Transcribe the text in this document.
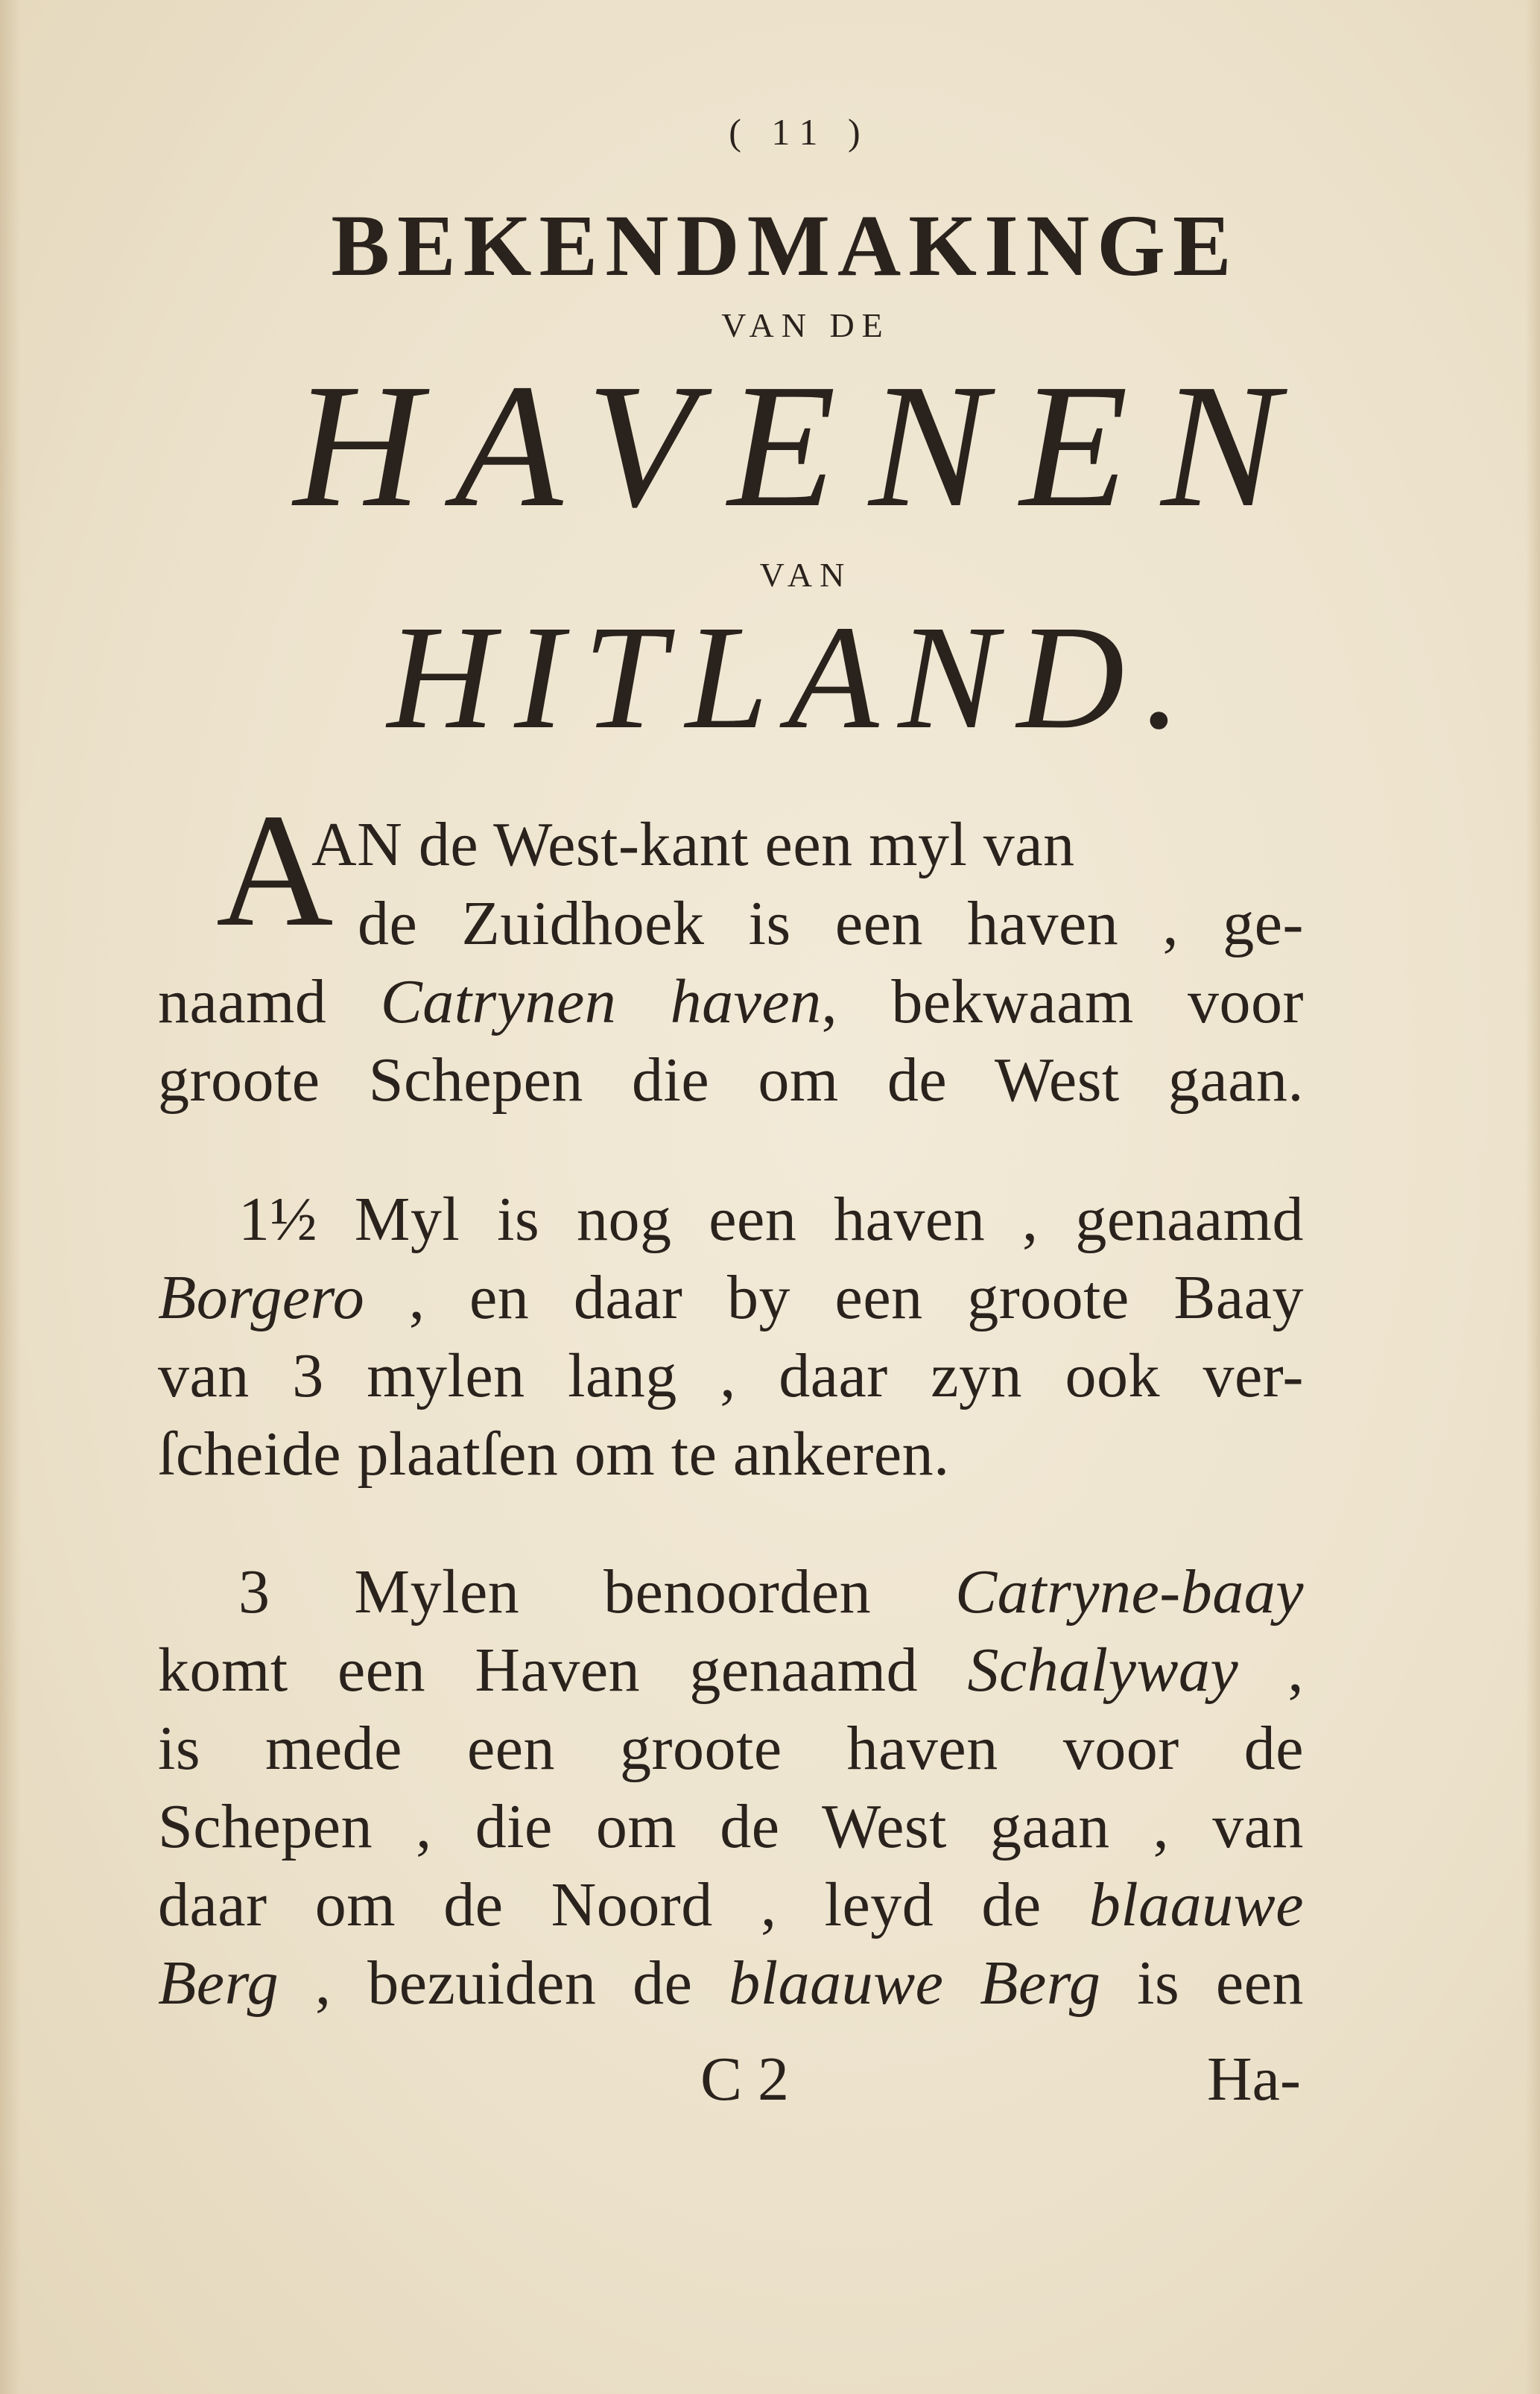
( 11 )
BEKENDMAKINGE
VAN DE
HAVENEN
VAN
HITLAND.
A
AN de West-kant een myl van
de Zuidhoek is een haven , ge-
naamd Catrynen haven, bekwaam voor
groote Schepen die om de West gaan.
1½ Myl is nog een haven , genaamd
Borgero , en daar by een groote Baay
van 3 mylen lang , daar zyn ook ver-
ſcheide plaatſen om te ankeren.
3 Mylen benoorden Catryne-baay
komt een Haven genaamd Schalyway ,
is mede een groote haven voor de
Schepen , die om de West gaan , van
daar om de Noord , leyd de blaauwe
Berg , bezuiden de blaauwe Berg is een
C 2	Ha-
